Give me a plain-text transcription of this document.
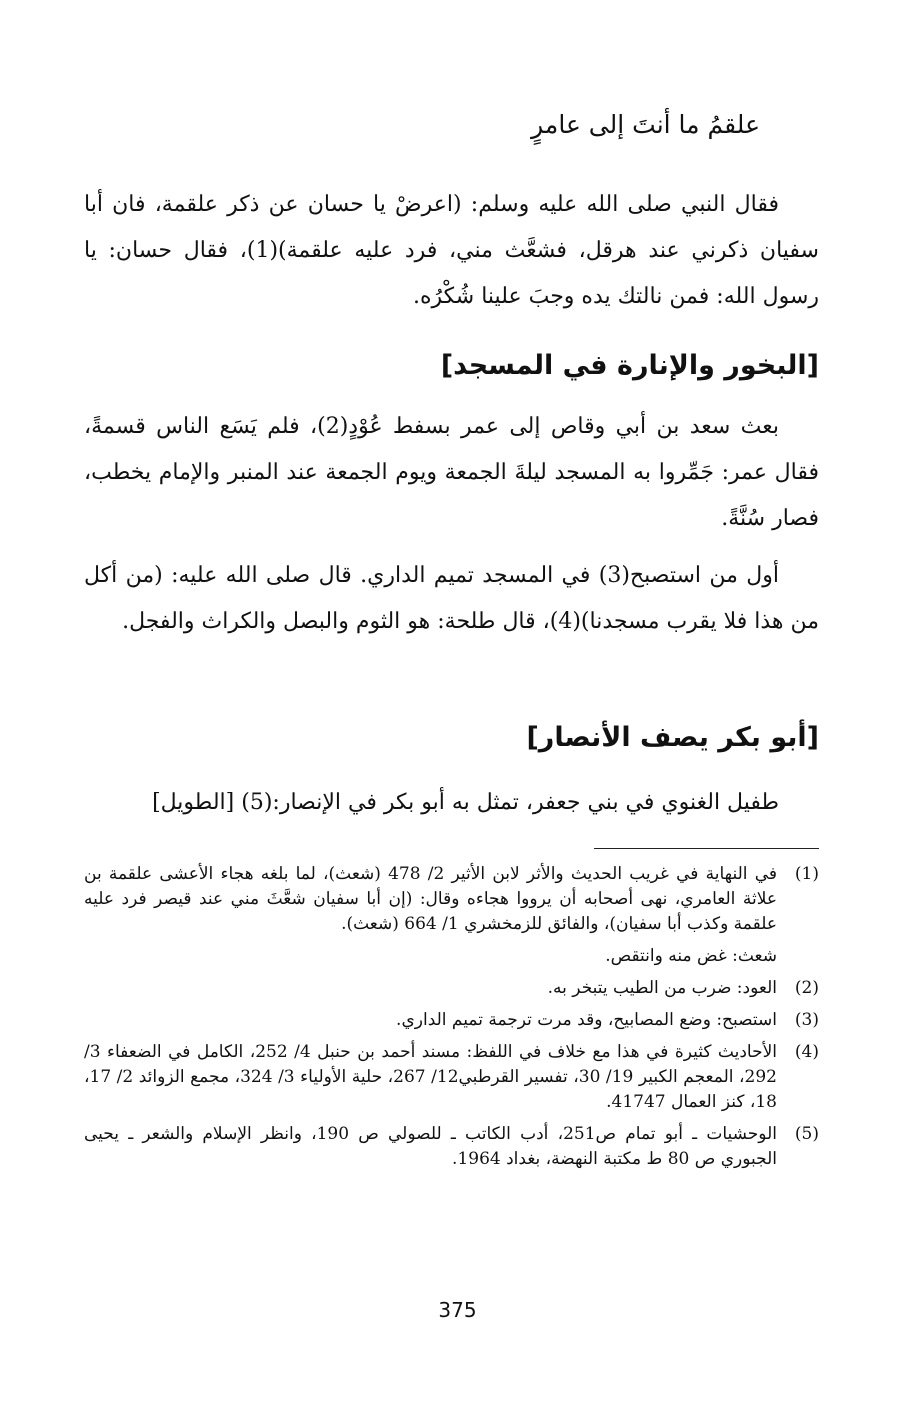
علقمُ ما أنتَ إلى عامرٍ
فقال النبي صلى الله عليه وسلم: (اعرضْ يا حسان عن ذكر علقمة، فان أبا سفيان ذكرني عند هرقل، فشعَّث مني، فرد عليه علقمة)(1)، فقال حسان: يا رسول الله: فمن نالتك يده وجبَ علينا شُكْرُه.
[البخور والإنارة في المسجد]
بعث سعد بن أبي وقاص إلى عمر بسفط عُوْدٍ(2)، فلم يَسَع الناس قسمةً، فقال عمر: جَمِّروا به المسجد ليلةَ الجمعة ويوم الجمعة عند المنبر والإمام يخطب، فصار سُنَّةً.
أول من استصبح(3) في المسجد تميم الداري. قال صلى الله عليه: (من أكل من هذا فلا يقرب مسجدنا)(4)، قال طلحة: هو الثوم والبصل والكراث والفجل.
[أبو بكر يصف الأنصار]
طفيل الغنوي في بني جعفر، تمثل به أبو بكر في الإنصار:(5) [الطويل]
(1)
في النهاية في غريب الحديث والأثر لابن الأثير 2/ 478 (شعث)، لما بلغه هجاء الأعشى علقمة بن علاثة العامري، نهى أصحابه أن يرووا هجاءه وقال: (إن أبا سفيان شعَّثَ مني عند قيصر فرد عليه علقمة وكذب أبا سفيان)، والفائق للزمخشري 1/ 664 (شعث).
شعث: غض منه وانتقص.
(2)
العود: ضرب من الطيب يتبخر به.
(3)
استصبح: وضع المصابيح، وقد مرت ترجمة تميم الداري.
(4)
الأحاديث كثيرة في هذا مع خلاف في اللفظ: مسند أحمد بن حنبل 4/ 252، الكامل في الضعفاء 3/ 292، المعجم الكبير 19/ 30، تفسير القرطبي12/ 267، حلية الأولياء 3/ 324، مجمع الزوائد 2/ 17، 18، كنز العمال 41747.
(5)
الوحشيات ـ أبو تمام ص251، أدب الكاتب ـ للصولي ص 190، وانظر الإسلام والشعر ـ يحيى الجبوري ص 80 ط مكتبة النهضة، بغداد 1964.
375
